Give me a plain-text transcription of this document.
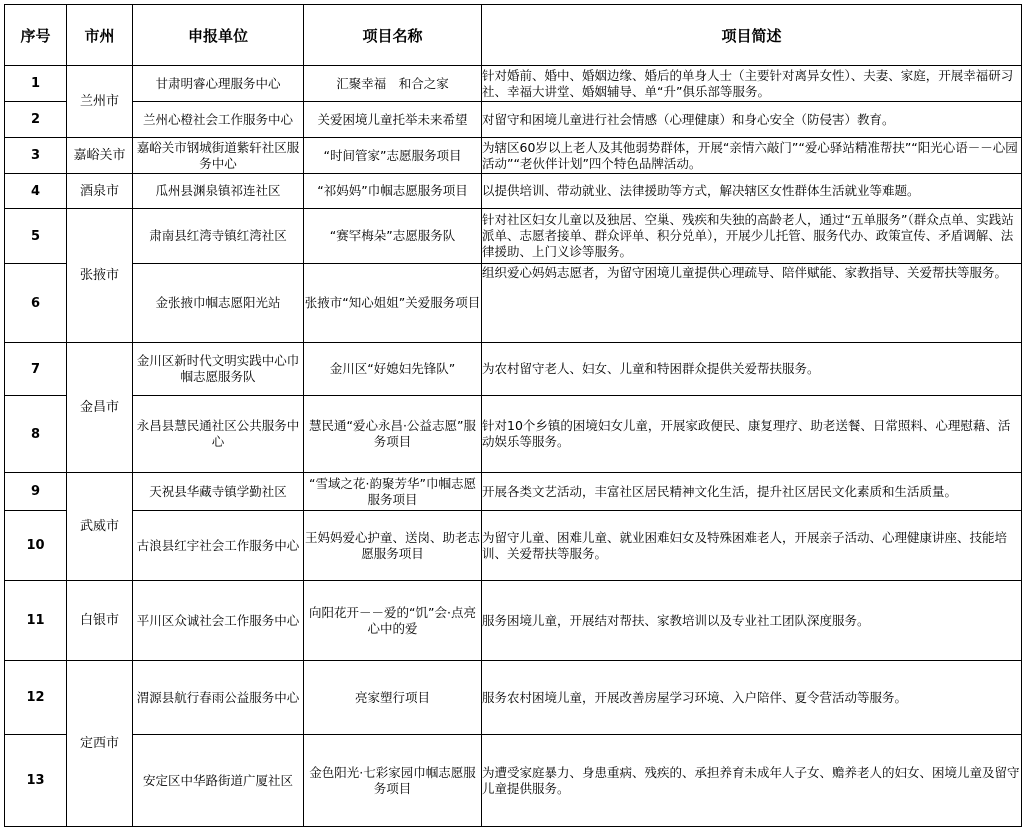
序号	市州	申报单位	项目名称	项目简述
1	兰州市	甘肃明睿心理服务中心	汇聚幸福　和合之家	针对婚前、婚中、婚姻边缘、婚后的单身人士（主要针对离异女性）、夫妻、家庭，开展幸福研习社、幸福大讲堂、婚姻辅导、单“升”俱乐部等服务。
2		兰州心橙社会工作服务中心	关爱困境儿童托举未来希望	对留守和困境儿童进行社会情感（心理健康）和身心安全（防侵害）教育。
3	嘉峪关市	嘉峪关市钢城街道紫轩社区服务中心	“时间管家”志愿服务项目	为辖区60岁以上老人及其他弱势群体，开展“亲情六敲门”“爱心驿站精准帮扶”“阳光心语－－心园活动”“老伙伴计划”四个特色品牌活动。
4	酒泉市	瓜州县渊泉镇祁连社区	“祁妈妈”巾帼志愿服务项目	以提供培训、带动就业、法律援助等方式，解决辖区女性群体生活就业等难题。
5	张掖市	肃南县红湾寺镇红湾社区	“赛罕梅朵”志愿服务队	针对社区妇女儿童以及独居、空巢、残疾和失独的高龄老人，通过“五单服务”（群众点单、实践站派单、志愿者接单、群众评单、积分兑单），开展少儿托管、服务代办、政策宣传、矛盾调解、法律援助、上门义诊等服务。
6		金张掖巾帼志愿阳光站	张掖市“知心姐姐”关爱服务项目	组织爱心妈妈志愿者，为留守困境儿童提供心理疏导、陪伴赋能、家教指导、关爱帮扶等服务。
7	金昌市	金川区新时代文明实践中心巾帼志愿服务队	金川区“好媳妇先锋队”	为农村留守老人、妇女、儿童和特困群众提供关爱帮扶服务。
8		永昌县慧民通社区公共服务中心	慧民通“爱心永昌·公益志愿”服务项目	针对10个乡镇的困境妇女儿童，开展家政便民、康复理疗、助老送餐、日常照料、心理慰藉、活动娱乐等服务。
9	武威市	天祝县华藏寺镇学勤社区	“雪域之花·韵聚芳华”巾帼志愿服务项目	开展各类文艺活动，丰富社区居民精神文化生活，提升社区居民文化素质和生活质量。
10		古浪县红宇社会工作服务中心	王妈妈爱心护童、送岗、助老志愿服务项目	为留守儿童、困难儿童、就业困难妇女及特殊困难老人，开展亲子活动、心理健康讲座、技能培训、关爱帮扶等服务。
11	白银市	平川区众诚社会工作服务中心	向阳花开－－爱的“饥”会·点亮心中的爱	服务困境儿童，开展结对帮扶、家教培训以及专业社工团队深度服务。
12	定西市	渭源县航行春雨公益服务中心	亮家塑行项目	服务农村困境儿童，开展改善房屋学习环境、入户陪伴、夏令营活动等服务。
13		安定区中华路街道广厦社区	金色阳光·七彩家园巾帼志愿服务项目	为遭受家庭暴力、身患重病、残疾的、承担养育未成年人子女、赡养老人的妇女、困境儿童及留守儿童提供服务。
